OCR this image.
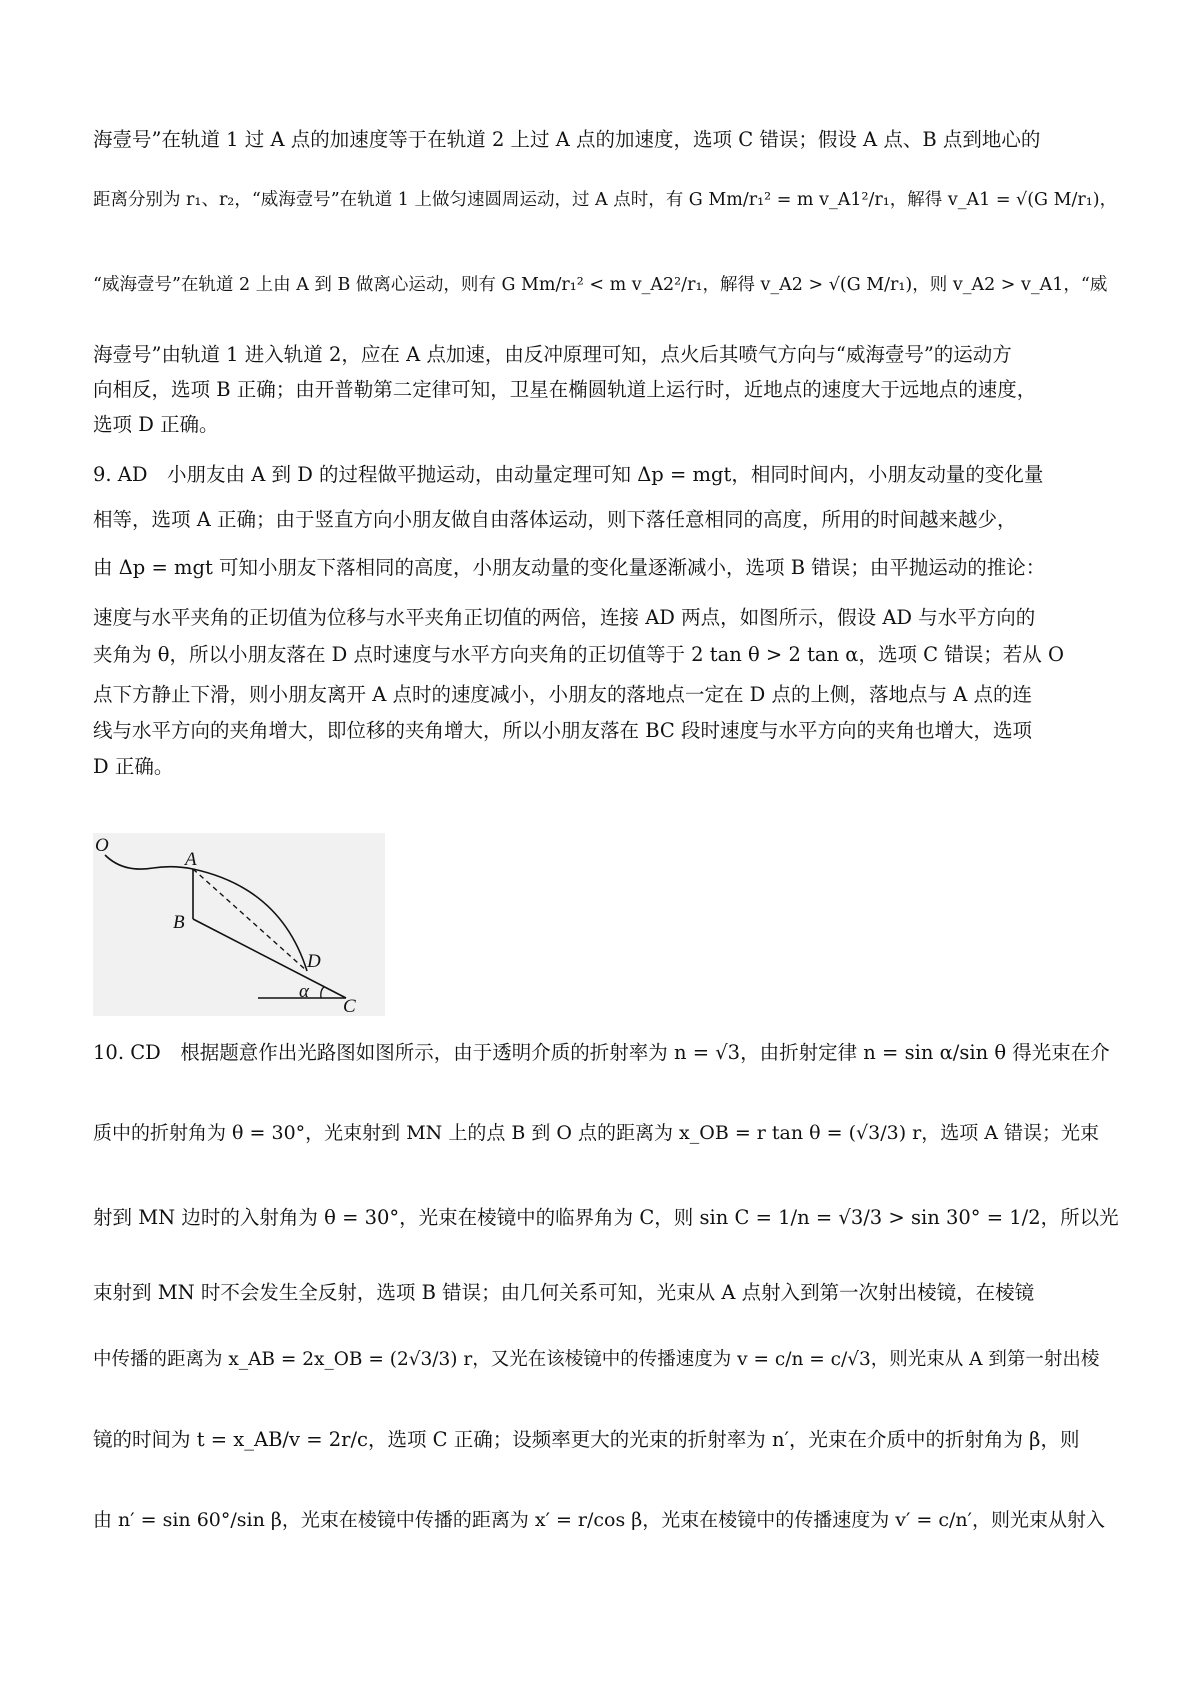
海壹号”在轨道 1 过 A 点的加速度等于在轨道 2 上过 A 点的加速度，选项 C 错误；假设 A 点、B 点到地心的
距离分别为 r₁、r₂，“威海壹号”在轨道 1 上做匀速圆周运动，过 A 点时，有 G Mm/r₁² = m v_A1²/r₁，解得 v_A1 = √(G M/r₁)，
“威海壹号”在轨道 2 上由 A 到 B 做离心运动，则有 G Mm/r₁² < m v_A2²/r₁，解得 v_A2 > √(G M/r₁)，则 v_A2 > v_A1，“威
海壹号”由轨道 1 进入轨道 2，应在 A 点加速，由反冲原理可知，点火后其喷气方向与“威海壹号”的运动方
向相反，选项 B 正确；由开普勒第二定律可知，卫星在椭圆轨道上运行时，近地点的速度大于远地点的速度，
选项 D 正确。
9. AD　小朋友由 A 到 D 的过程做平抛运动，由动量定理可知 Δp = mgt，相同时间内，小朋友动量的变化量
相等，选项 A 正确；由于竖直方向小朋友做自由落体运动，则下落任意相同的高度，所用的时间越来越少，
由 Δp = mgt 可知小朋友下落相同的高度，小朋友动量的变化量逐渐减小，选项 B 错误；由平抛运动的推论：
速度与水平夹角的正切值为位移与水平夹角正切值的两倍，连接 AD 两点，如图所示，假设 AD 与水平方向的
夹角为 θ，所以小朋友落在 D 点时速度与水平方向夹角的正切值等于 2 tan θ > 2 tan α，选项 C 错误；若从 O
点下方静止下滑，则小朋友离开 A 点时的速度减小，小朋友的落地点一定在 D 点的上侧，落地点与 A 点的连
线与水平方向的夹角增大，即位移的夹角增大，所以小朋友落在 BC 段时速度与水平方向的夹角也增大，选项
D 正确。
O
A
B
D
α
C
10. CD　根据题意作出光路图如图所示，由于透明介质的折射率为 n = √3，由折射定律 n = sin α/sin θ 得光束在介
质中的折射角为 θ = 30°，光束射到 MN 上的点 B 到 O 点的距离为 x_OB = r tan θ = (√3/3) r，选项 A 错误；光束
射到 MN 边时的入射角为 θ = 30°，光束在棱镜中的临界角为 C，则 sin C = 1/n = √3/3 > sin 30° = 1/2，所以光
束射到 MN 时不会发生全反射，选项 B 错误；由几何关系可知，光束从 A 点射入到第一次射出棱镜，在棱镜
中传播的距离为 x_AB = 2x_OB = (2√3/3) r，又光在该棱镜中的传播速度为 v = c/n = c/√3，则光束从 A 到第一射出棱
镜的时间为 t = x_AB/v = 2r/c，选项 C 正确；设频率更大的光束的折射率为 n′，光束在介质中的折射角为 β，则
由 n′ = sin 60°/sin β，光束在棱镜中传播的距离为 x′ = r/cos β，光束在棱镜中的传播速度为 v′ = c/n′，则光束从射入
